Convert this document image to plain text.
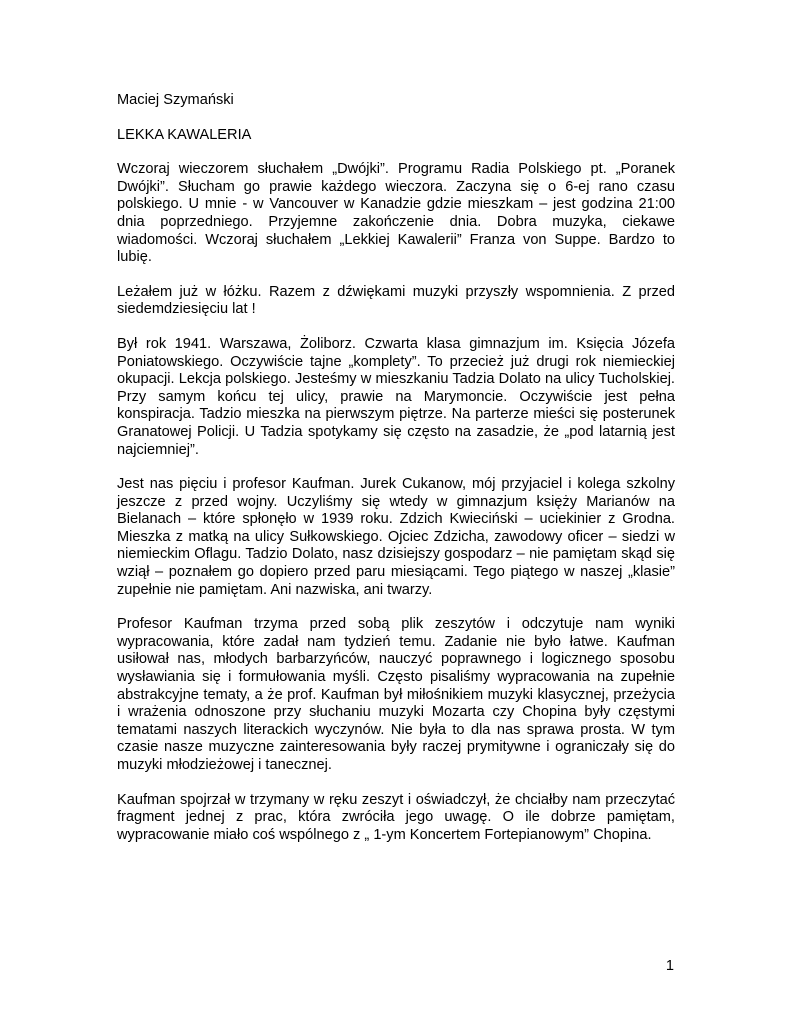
Maciej Szymański

LEKKA KAWALERIA

Wczoraj wieczorem słuchałem „Dwójki”. Programu Radia Polskiego pt. „Poranek Dwójki”. Słucham go prawie każdego wieczora. Zaczyna się o 6-ej rano czasu polskiego. U mnie - w Vancouver w Kanadzie gdzie mieszkam – jest godzina 21:00 dnia poprzedniego. Przyjemne zakończenie dnia. Dobra muzyka, ciekawe wiadomości. Wczoraj słuchałem „Lekkiej Kawalerii” Franza von Suppe. Bardzo to lubię.

Leżałem już w łóżku. Razem z dźwiękami muzyki przyszły wspomnienia. Z przed siedemdziesięciu lat !

Był rok 1941. Warszawa, Żoliborz. Czwarta klasa gimnazjum im. Księcia Józefa Poniatowskiego. Oczywiście tajne „komplety”. To przecież już drugi rok niemieckiej okupacji. Lekcja polskiego. Jesteśmy w mieszkaniu Tadzia Dolato na ulicy Tucholskiej. Przy samym końcu tej ulicy, prawie na Marymoncie. Oczywiście jest pełna konspiracja. Tadzio mieszka na pierwszym piętrze. Na parterze mieści się posterunek Granatowej Policji. U Tadzia spotykamy się często na zasadzie, że „pod latarnią jest najciemniej”.

Jest nas pięciu i profesor Kaufman. Jurek Cukanow, mój przyjaciel i kolega szkolny jeszcze z przed wojny. Uczyliśmy się wtedy w gimnazjum księży Marianów na Bielanach – które spłonęło w 1939 roku. Zdzich Kwieciński – uciekinier z Grodna. Mieszka z matką na ulicy Sułkowskiego. Ojciec Zdzicha, zawodowy oficer – siedzi w niemieckim Oflagu. Tadzio Dolato, nasz dzisiejszy gospodarz – nie pamiętam skąd się wziął – poznałem go dopiero przed paru miesiącami. Tego piątego w naszej „klasie” zupełnie nie pamiętam. Ani nazwiska, ani twarzy.

Profesor Kaufman trzyma przed sobą plik zeszytów i odczytuje nam wyniki wypracowania, które zadał nam tydzień temu. Zadanie nie było łatwe. Kaufman usiłował nas, młodych barbarzyńców, nauczyć poprawnego i logicznego sposobu wysławiania się i formułowania myśli. Często pisaliśmy wypracowania na zupełnie abstrakcyjne tematy, a że prof. Kaufman był miłośnikiem muzyki klasycznej, przeżycia i wrażenia odnoszone przy słuchaniu muzyki Mozarta czy Chopina były częstymi tematami naszych literackich wyczynów. Nie była to dla nas sprawa prosta. W tym czasie nasze muzyczne zainteresowania były raczej prymitywne i ograniczały się do muzyki młodzieżowej i tanecznej.

Kaufman spojrzał w trzymany w ręku zeszyt i oświadczył, że chciałby nam przeczytać fragment jednej z prac, która zwróciła jego uwagę. O ile dobrze pamiętam, wypracowanie miało coś wspólnego z „ 1-ym Koncertem Fortepianowym” Chopina.

1
